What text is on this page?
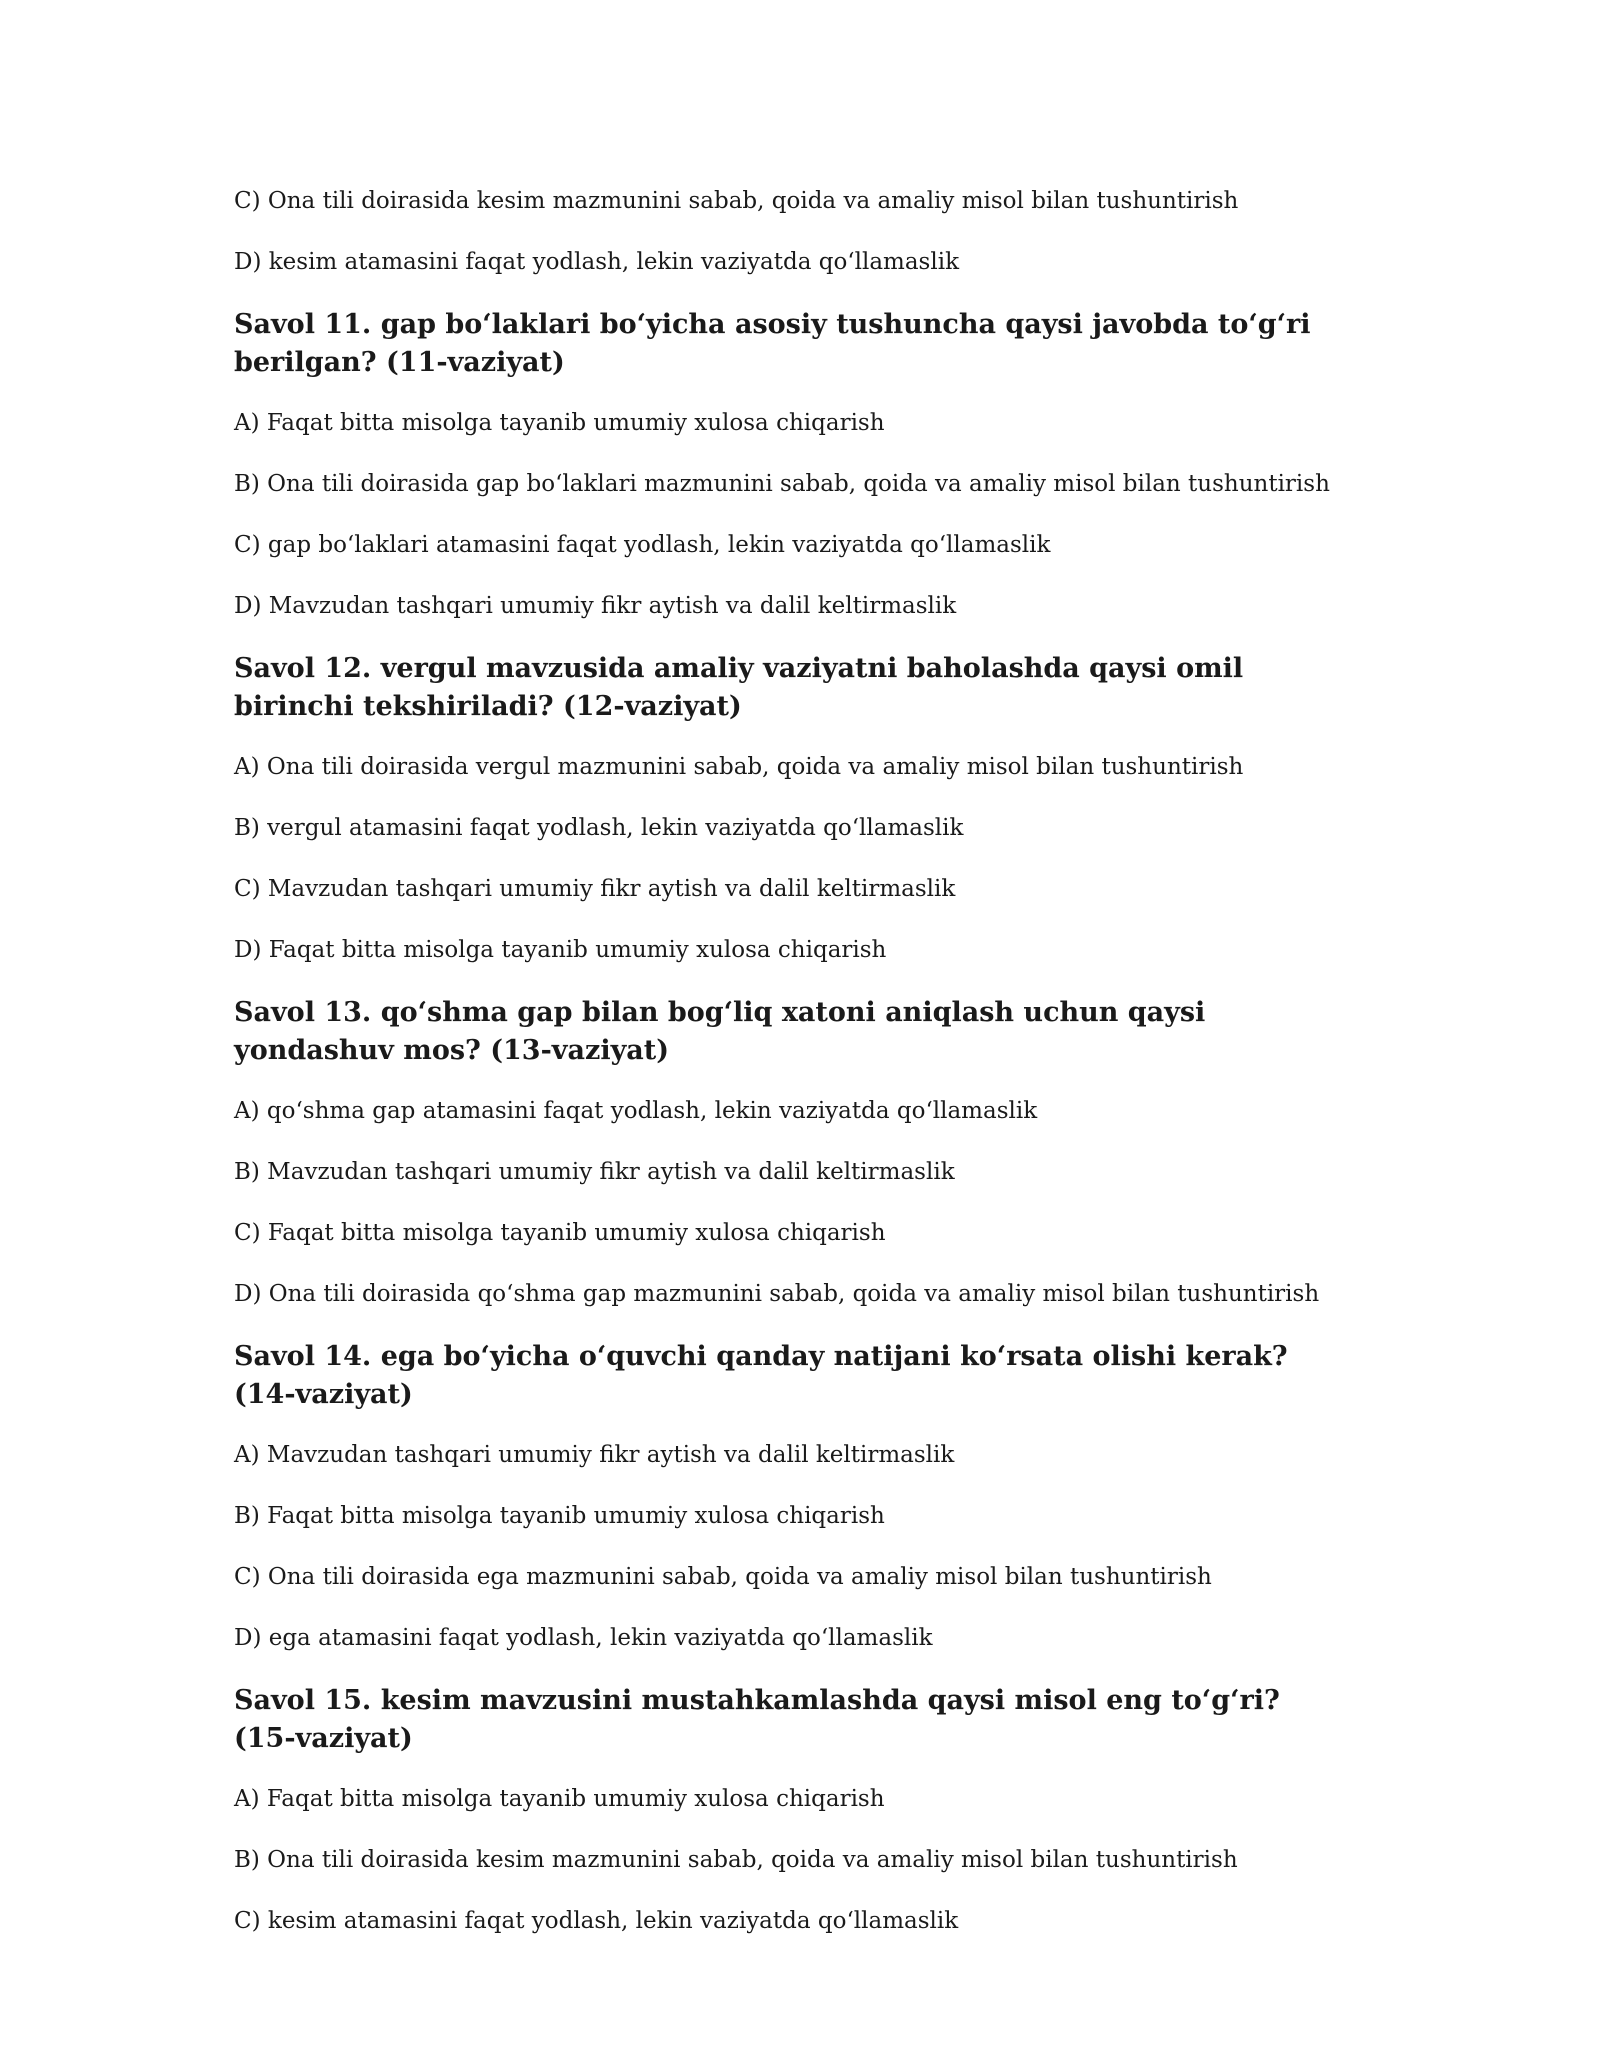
C) Ona tili doirasida kesim mazmunini sabab, qoida va amaliy misol bilan tushuntirish

D) kesim atamasini faqat yodlash, lekin vaziyatda qo‘llamaslik

Savol 11. gap bo‘laklari bo‘yicha asosiy tushuncha qaysi javobda to‘g‘ri berilgan? (11-vaziyat)

A) Faqat bitta misolga tayanib umumiy xulosa chiqarish

B) Ona tili doirasida gap bo‘laklari mazmunini sabab, qoida va amaliy misol bilan tushuntirish

C) gap bo‘laklari atamasini faqat yodlash, lekin vaziyatda qo‘llamaslik

D) Mavzudan tashqari umumiy fikr aytish va dalil keltirmaslik

Savol 12. vergul mavzusida amaliy vaziyatni baholashda qaysi omil birinchi tekshiriladi? (12-vaziyat)

A) Ona tili doirasida vergul mazmunini sabab, qoida va amaliy misol bilan tushuntirish

B) vergul atamasini faqat yodlash, lekin vaziyatda qo‘llamaslik

C) Mavzudan tashqari umumiy fikr aytish va dalil keltirmaslik

D) Faqat bitta misolga tayanib umumiy xulosa chiqarish

Savol 13. qo‘shma gap bilan bog‘liq xatoni aniqlash uchun qaysi yondashuv mos? (13-vaziyat)

A) qo‘shma gap atamasini faqat yodlash, lekin vaziyatda qo‘llamaslik

B) Mavzudan tashqari umumiy fikr aytish va dalil keltirmaslik

C) Faqat bitta misolga tayanib umumiy xulosa chiqarish

D) Ona tili doirasida qo‘shma gap mazmunini sabab, qoida va amaliy misol bilan tushuntirish

Savol 14. ega bo‘yicha o‘quvchi qanday natijani ko‘rsata olishi kerak? (14-vaziyat)

A) Mavzudan tashqari umumiy fikr aytish va dalil keltirmaslik

B) Faqat bitta misolga tayanib umumiy xulosa chiqarish

C) Ona tili doirasida ega mazmunini sabab, qoida va amaliy misol bilan tushuntirish

D) ega atamasini faqat yodlash, lekin vaziyatda qo‘llamaslik

Savol 15. kesim mavzusini mustahkamlashda qaysi misol eng to‘g‘ri? (15-vaziyat)

A) Faqat bitta misolga tayanib umumiy xulosa chiqarish

B) Ona tili doirasida kesim mazmunini sabab, qoida va amaliy misol bilan tushuntirish

C) kesim atamasini faqat yodlash, lekin vaziyatda qo‘llamaslik
